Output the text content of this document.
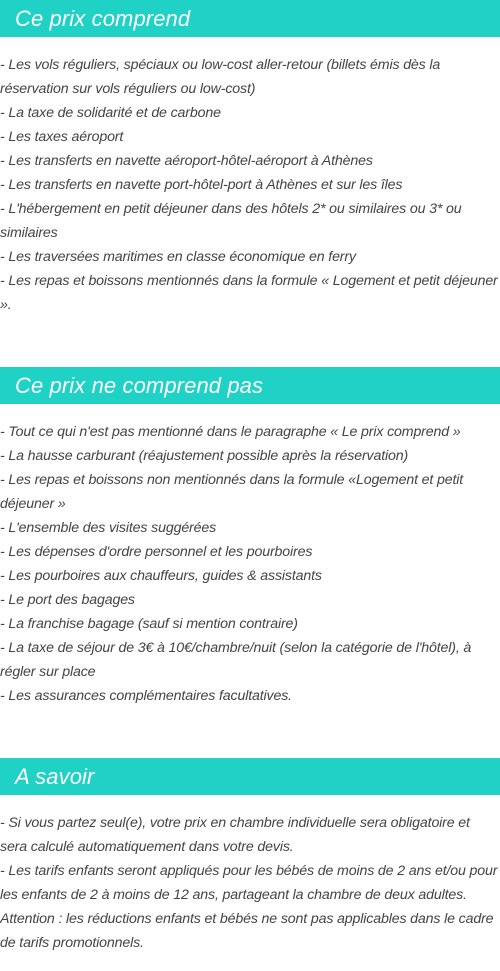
Ce prix comprend
- Les vols réguliers, spéciaux ou low-cost aller-retour (billets émis dès la réservation sur vols réguliers ou low-cost)
- La taxe de solidarité et de carbone
- Les taxes aéroport
- Les transferts en navette aéroport-hôtel-aéroport à Athènes
- Les transferts en navette port-hôtel-port à Athènes et sur les îles
- L'hébergement en petit déjeuner dans des hôtels 2* ou similaires ou 3* ou similaires
- Les traversées maritimes en classe économique en ferry
- Les repas et boissons mentionnés dans la formule « Logement et petit déjeuner ».
Ce prix ne comprend pas
- Tout ce qui n'est pas mentionné dans le paragraphe « Le prix comprend »
- La hausse carburant (réajustement possible après la réservation)
- Les repas et boissons non mentionnés dans la formule «Logement et petit déjeuner »
- L'ensemble des visites suggérées
- Les dépenses d'ordre personnel et les pourboires
- Les pourboires aux chauffeurs, guides & assistants
- Le port des bagages
- La franchise bagage (sauf si mention contraire)
- La taxe de séjour de 3€ à 10€/chambre/nuit (selon la catégorie de l'hôtel), à régler sur place
- Les assurances complémentaires facultatives.
A savoir
- Si vous partez seul(e), votre prix en chambre individuelle sera obligatoire et sera calculé automatiquement dans votre devis.
- Les tarifs enfants seront appliqués pour les bébés de moins de 2 ans et/ou pour les enfants de 2 à moins de 12 ans, partageant la chambre de deux adultes. Attention : les réductions enfants et bébés ne sont pas applicables dans le cadre de tarifs promotionnels.
